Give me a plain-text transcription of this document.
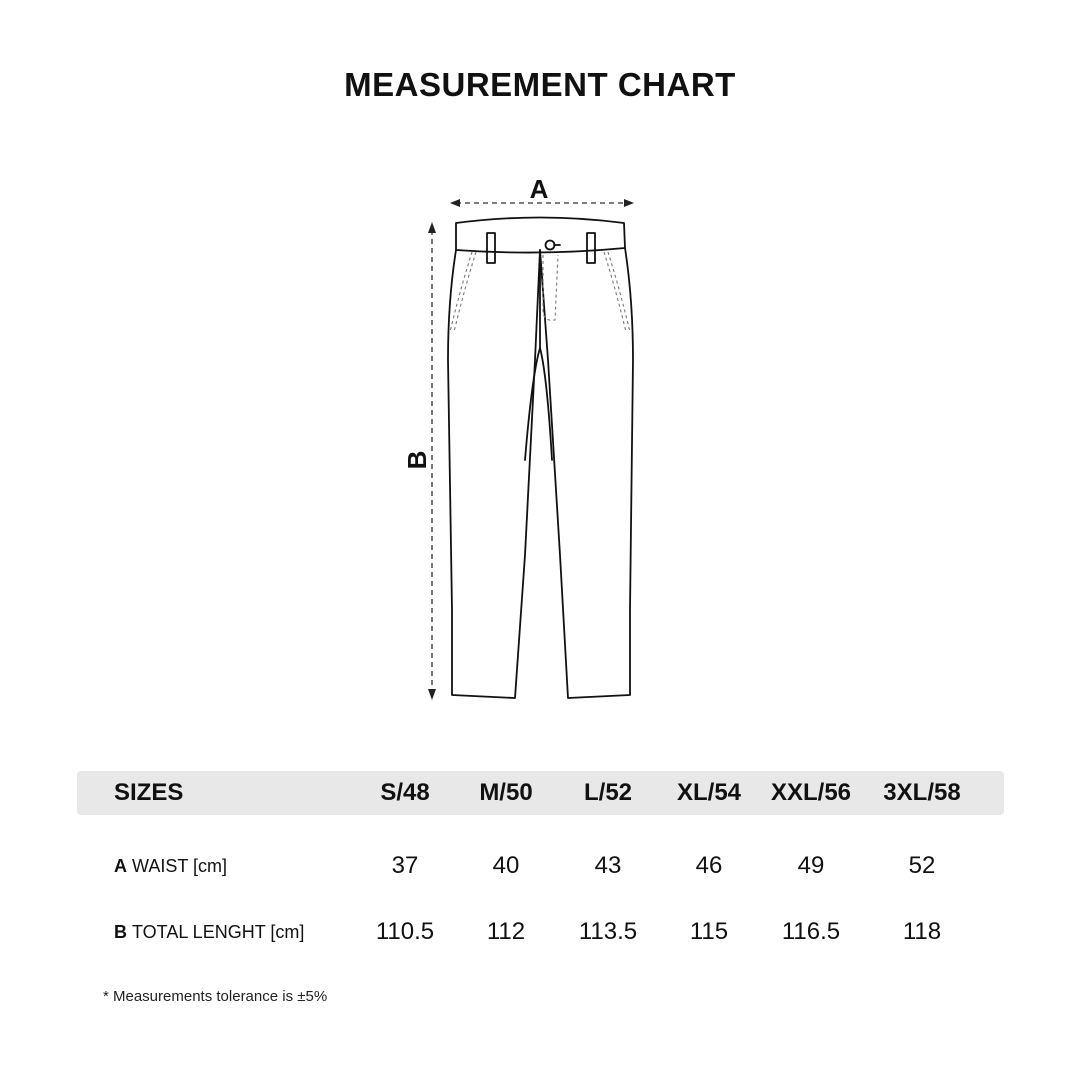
MEASUREMENT CHART
A
B
SIZES	S/48	M/50	L/52	XL/54	XXL/56	3XL/58
A WAIST [cm]	37	40	43	46	49	52
B TOTAL LENGHT [cm]	110.5	112	113.5	115	116.5	118
* Measurements tolerance is ±5%
